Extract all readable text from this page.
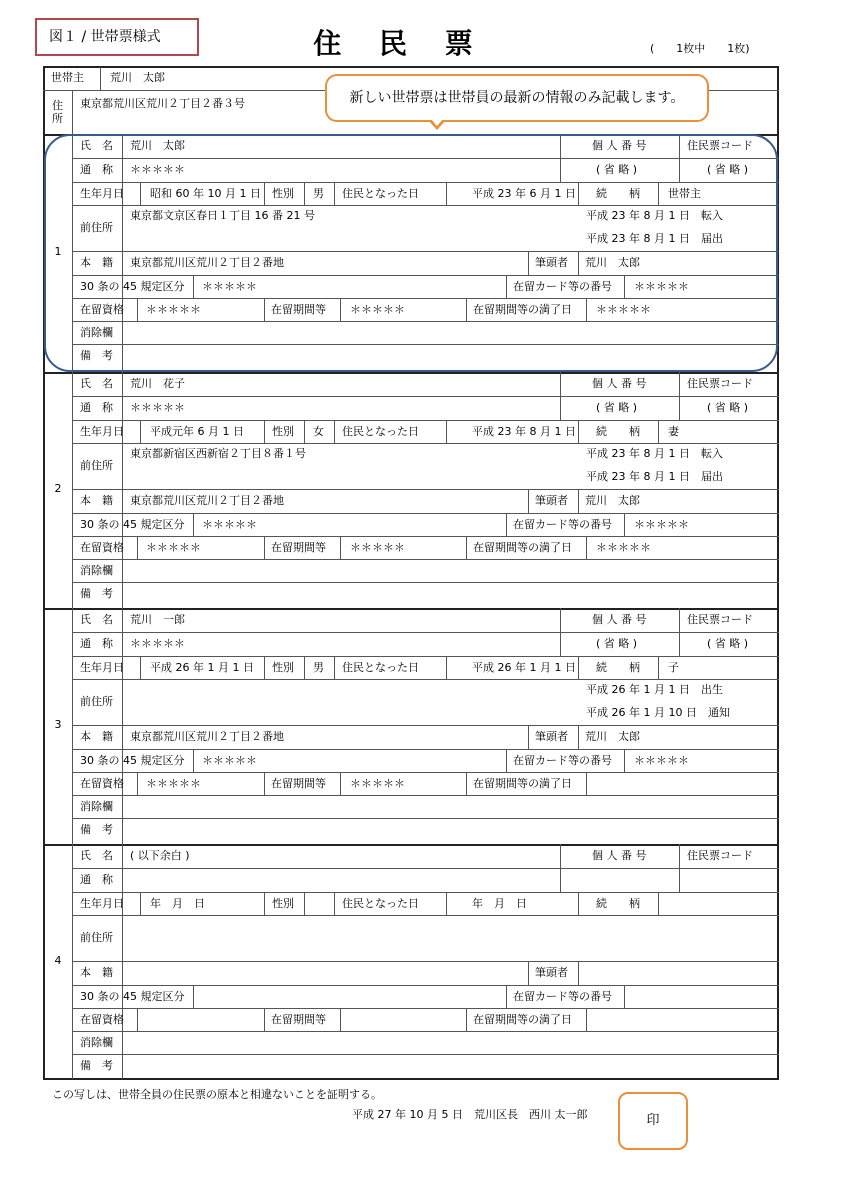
図１ / 世帯票様式	住 民 票	(　　1枚中　　1枚)
世帯主 荒川　太郎
住所
東京都荒川区荒川２丁目２番３号
1
氏　名 荒川　太郎	個 人 番 号	住民票コード
通　称 ＊＊＊＊＊	( 省 略 )	( 省 略 )
生年月日 昭和 60 年 10 月 1 日 性別 男 住民となった日	平成 23 年 6 月 1 日 続　　柄	世帯主
前住所
東京都文京区春日１丁目 16 番 21 号	平成 23 年 8 月 1 日　転入
平成 23 年 8 月 1 日　届出
本　籍 東京都荒川区荒川２丁目２番地	筆頭者 荒川　太郎
30 条の 45 規定区分 ＊＊＊＊＊	在留カード等の番号 ＊＊＊＊＊
在留資格 ＊＊＊＊＊	在留期間等 ＊＊＊＊＊	在留期間等の満了日 ＊＊＊＊＊
消除欄
備　考
2
氏　名 荒川　花子	個 人 番 号	住民票コード
通　称 ＊＊＊＊＊	( 省 略 )	( 省 略 )
生年月日 平成元年 6 月 1 日	性別 女 住民となった日	平成 23 年 8 月 1 日 続　　柄	妻
前住所
東京都新宿区西新宿２丁目８番１号	平成 23 年 8 月 1 日　転入
平成 23 年 8 月 1 日　届出
本　籍 東京都荒川区荒川２丁目２番地	筆頭者 荒川　太郎
30 条の 45 規定区分 ＊＊＊＊＊	在留カード等の番号 ＊＊＊＊＊
在留資格 ＊＊＊＊＊	在留期間等 ＊＊＊＊＊	在留期間等の満了日 ＊＊＊＊＊
消除欄
備　考
3
氏　名 荒川　一郎	個 人 番 号	住民票コード
通　称 ＊＊＊＊＊	( 省 略 )	( 省 略 )
生年月日 平成 26 年 1 月 1 日 性別 男 住民となった日	平成 26 年 1 月 1 日 続　　柄	子
前住所
平成 26 年 1 月 1 日　出生
平成 26 年 1 月 10 日　通知
本　籍 東京都荒川区荒川２丁目２番地	筆頭者 荒川　太郎
30 条の 45 規定区分 ＊＊＊＊＊	在留カード等の番号 ＊＊＊＊＊
在留資格 ＊＊＊＊＊	在留期間等 ＊＊＊＊＊	在留期間等の満了日
消除欄
備　考
4
氏　名 ( 以下余白 )	個 人 番 号	住民票コード
通　称
生年月日 年　月　日	性別	住民となった日	年　月　日	続　　柄
前住所
本　籍	筆頭者
30 条の 45 規定区分	在留カード等の番号
在留資格	在留期間等	在留期間等の満了日
消除欄
備　考
新しい世帯票は世帯員の最新の情報のみ記載します。
この写しは、世帯全員の住民票の原本と相違ないことを証明する。
平成 27 年 10 月 5 日　荒川区長　西川 太一郎	印
